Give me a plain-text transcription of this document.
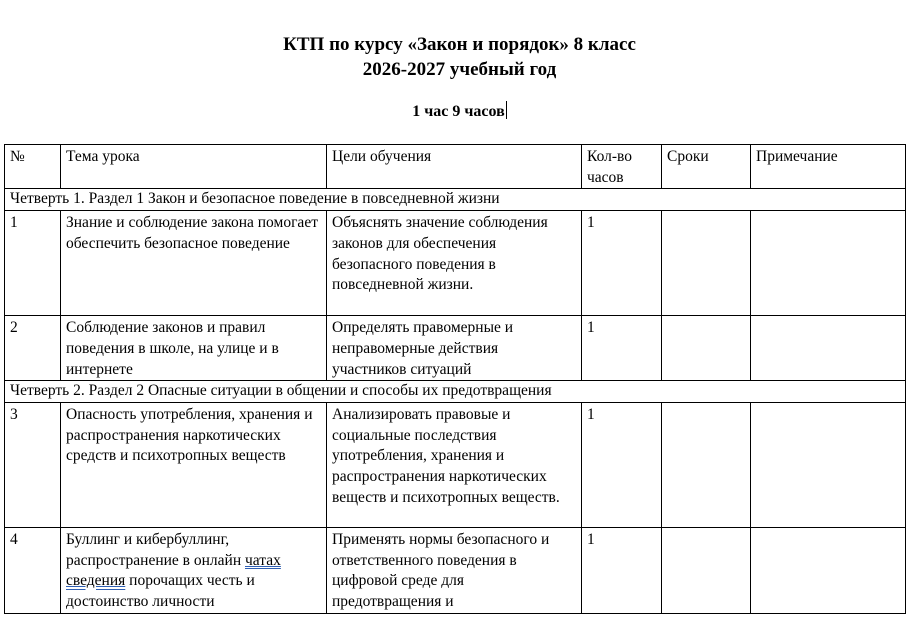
КТП по курсу «Закон и порядок» 8 класс
2026-2027 учебный год
1 час 9 часов
№	Тема урока	Цели обучения	Кол-во часов	Сроки	Примечание
Четверть 1. Раздел 1 Закон и безопасное поведение в повседневной жизни					
1	Знание и соблюдение закона помогает обеспечить безопасное поведение	Объяснять значение соблюдения законов для обеспечения безопасного поведения в повседневной жизни.	1		
2	Соблюдение законов и правил поведения в школе, на улице и в интернете	Определять правомерные и неправомерные действия участников ситуаций	1		
Четверть 2. Раздел 2 Опасные ситуации в общении и способы их предотвращения					
3	Опасность употребления, хранения и распространения наркотических средств и психотропных веществ	Анализировать правовые и социальные последствия употребления, хранения и распространения наркотических веществ и психотропных веществ.	1		
4	Буллинг и кибербуллинг, распространение в онлайн чатах сведения порочащих честь и достоинство личности	Применять нормы безопасного и ответственного поведения в цифровой среде для предотвращения и	1		
